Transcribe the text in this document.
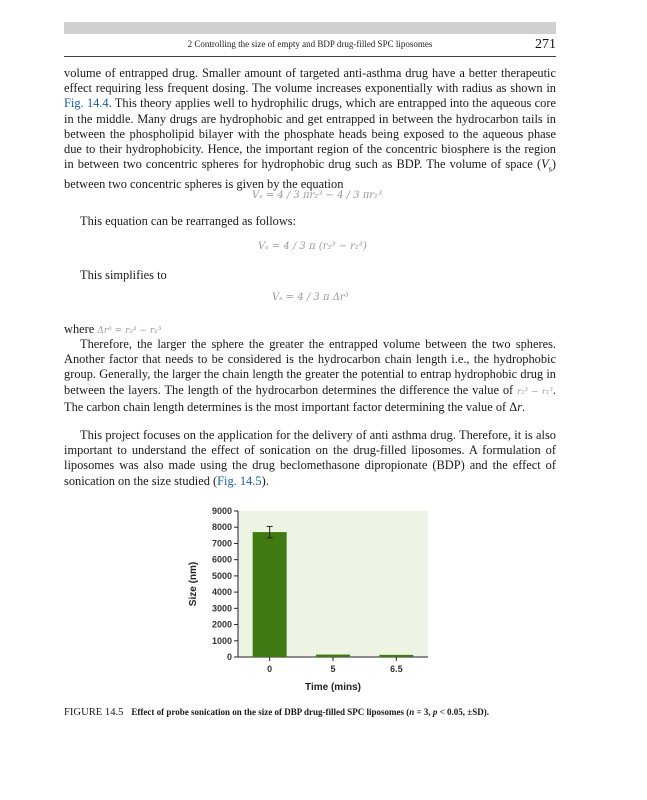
2 Controlling the size of empty and BDP drug-filled SPC liposomes	271

volume of entrapped drug. Smaller amount of targeted anti-asthma drug have a better therapeutic effect requiring less frequent dosing. The volume increases exponentially with radius as shown in Fig. 14.4. This theory applies well to hydrophilic drugs, which are entrapped into the aqueous core in the middle. Many drugs are hydrophobic and get entrapped in between the hydrocarbon tails in between the phospholipid bilayer with the phosphate heads being exposed to the aqueous phase due to their hydrophobicity. Hence, the important region of the concentric biosphere is the region in between two concentric spheres for hydrophobic drug such as BDP. The volume of space $(V_s)$ between two concentric spheres is given by the equation

Vₛ = 4 / 3 πr₂³ − 4 / 3 πr₁³
This equation can be rearranged as follows:
Vₛ = 4 / 3 π (r₂³ − r₁³)
This simplifies to
Vₛ = 4 / 3 π Δr³
where Δr³ = r₂³ − r₁³

Therefore, the larger the sphere the greater the entrapped volume between the two spheres. Another factor that needs to be considered is the hydrocarbon chain length i.e., the hydrophobic group. Generally, the larger the chain length the greater the potential to entrap hydrophobic drug in between the layers. The length of the hydrocarbon determines the difference the value of r₂³ − r₁³. The carbon chain length determines is the most important factor determining the value of Δr.

This project focuses on the application for the delivery of anti asthma drug. Therefore, it is also important to understand the effect of sonication on the drug-filled liposomes. A formulation of liposomes was also made using the drug beclomethasone dipropionate (BDP) and the effect of sonication on the size studied (Fig. 14.5).

0
1000
2000
3000
4000
5000
6000
7000
8000
9000
0	5	6.5
Size (nm)
Time (mins)
FIGURE 14.5 Effect of probe sonication on the size of DBP drug-filled SPC liposomes (n = 3, p < 0.05, ±SD).
